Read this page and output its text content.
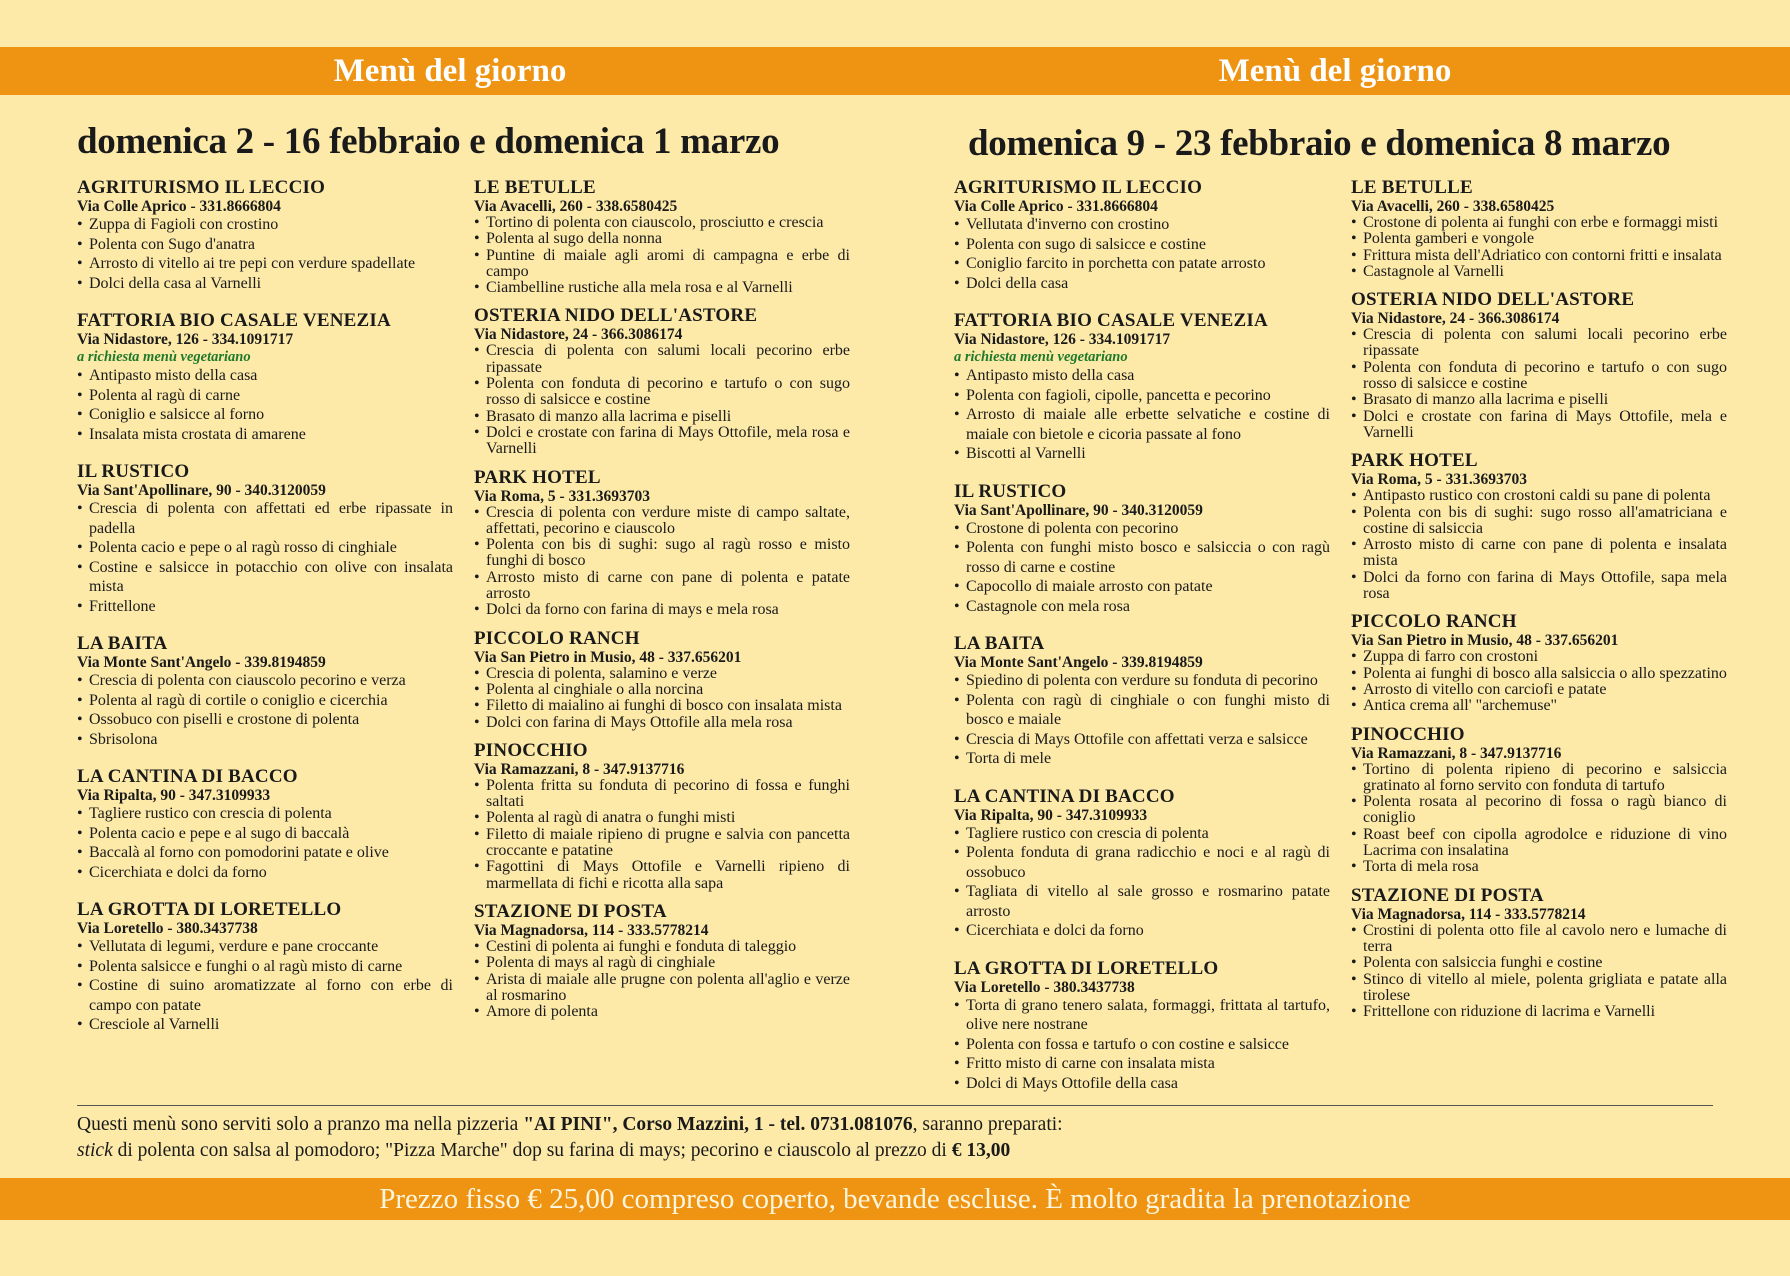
Menù del giorno	Menù del giorno
domenica 2 - 16 febbraio e domenica 1 marzo	domenica 9 - 23 febbraio e domenica 8 marzo
AGRITURISMO IL LECCIO
Via Colle Aprico - 331.8666804
• Zuppa di Fagioli con crostino
• Polenta con Sugo d'anatra
• Arrosto di vitello ai tre pepi con verdure spadellate
• Dolci della casa al Varnelli
FATTORIA BIO CASALE VENEZIA
Via Nidastore, 126 - 334.1091717
a richiesta menù vegetariano
• Antipasto misto della casa
• Polenta al ragù di carne
• Coniglio e salsicce al forno
• Insalata mista crostata di amarene
IL RUSTICO
Via Sant'Apollinare, 90 - 340.3120059
• Crescia di polenta con affettati ed erbe ripassate in padella
• Polenta cacio e pepe o al ragù rosso di cinghiale
• Costine e salsicce in potacchio con olive con insalata mista
• Frittellone
LA BAITA
Via Monte Sant'Angelo - 339.8194859
• Crescia di polenta con ciauscolo pecorino e verza
• Polenta al ragù di cortile o coniglio e cicerchia
• Ossobuco con piselli e crostone di polenta
• Sbrisolona
LA CANTINA DI BACCO
Via Ripalta, 90 - 347.3109933
• Tagliere rustico con crescia di polenta
• Polenta cacio e pepe e al sugo di baccalà
• Baccalà al forno con pomodorini patate e olive
• Cicerchiata e dolci da forno
LA GROTTA DI LORETELLO
Via Loretello - 380.3437738
• Vellutata di legumi, verdure e pane croccante
• Polenta salsicce e funghi o al ragù misto di carne
• Costine di suino aromatizzate al forno con erbe di campo con patate
• Cresciole al Varnelli
LE BETULLE
Via Avacelli, 260 - 338.6580425
• Tortino di polenta con ciauscolo, prosciutto e crescia
• Polenta al sugo della nonna
• Puntine di maiale agli aromi di campagna e erbe di campo
• Ciambelline rustiche alla mela rosa e al Varnelli
OSTERIA NIDO DELL'ASTORE
Via Nidastore, 24 - 366.3086174
• Crescia di polenta con salumi locali pecorino erbe ripassate
• Polenta con fonduta di pecorino e tartufo o con sugo rosso di salsicce e costine
• Brasato di manzo alla lacrima e piselli
• Dolci e crostate con farina di Mays Ottofile, mela rosa e Varnelli
PARK HOTEL
Via Roma, 5 - 331.3693703
• Crescia di polenta con verdure miste di campo saltate, affettati, pecorino e ciauscolo
• Polenta con bis di sughi: sugo al ragù rosso e misto funghi di bosco
• Arrosto misto di carne con pane di polenta e patate arrosto
• Dolci da forno con farina di mays e mela rosa
PICCOLO RANCH
Via San Pietro in Musio, 48 - 337.656201
• Crescia di polenta, salamino e verze
• Polenta al cinghiale o alla norcina
• Filetto di maialino ai funghi di bosco con insalata mista
• Dolci con farina di Mays Ottofile alla mela rosa
PINOCCHIO
Via Ramazzani, 8 - 347.9137716
• Polenta fritta su fonduta di pecorino di fossa e funghi saltati
• Polenta al ragù di anatra o funghi misti
• Filetto di maiale ripieno di prugne e salvia con pancetta croccante e patatine
• Fagottini di Mays Ottofile e Varnelli ripieno di marmellata di fichi e ricotta alla sapa
STAZIONE DI POSTA
Via Magnadorsa, 114 - 333.5778214
• Cestini di polenta ai funghi e fonduta di taleggio
• Polenta di mays al ragù di cinghiale
• Arista di maiale alle prugne con polenta all'aglio e verze al rosmarino
• Amore di polenta
AGRITURISMO IL LECCIO
Via Colle Aprico - 331.8666804
• Vellutata d'inverno con crostino
• Polenta con sugo di salsicce e costine
• Coniglio farcito in porchetta con patate arrosto
• Dolci della casa
FATTORIA BIO CASALE VENEZIA
Via Nidastore, 126 - 334.1091717
a richiesta menù vegetariano
• Antipasto misto della casa
• Polenta con fagioli, cipolle, pancetta e pecorino
• Arrosto di maiale alle erbette selvatiche e costine di maiale con bietole e cicoria passate al fono
• Biscotti al Varnelli
IL RUSTICO
Via Sant'Apollinare, 90 - 340.3120059
• Crostone di polenta con pecorino
• Polenta con funghi misto bosco e salsiccia o con ragù rosso di carne e costine
• Capocollo di maiale arrosto con patate
• Castagnole con mela rosa
LA BAITA
Via Monte Sant'Angelo - 339.8194859
• Spiedino di polenta con verdure su fonduta di pecorino
• Polenta con ragù di cinghiale o con funghi misto di bosco e maiale
• Crescia di Mays Ottofile con affettati verza e salsicce
• Torta di mele
LA CANTINA DI BACCO
Via Ripalta, 90 - 347.3109933
• Tagliere rustico con crescia di polenta
• Polenta fonduta di grana radicchio e noci e al ragù di ossobuco
• Tagliata di vitello al sale grosso e rosmarino patate arrosto
• Cicerchiata e dolci da forno
LA GROTTA DI LORETELLO
Via Loretello - 380.3437738
• Torta di grano tenero salata, formaggi, frittata al tartufo, olive nere nostrane
• Polenta con fossa e tartufo o con costine e salsicce
• Fritto misto di carne con insalata mista
• Dolci di Mays Ottofile della casa
LE BETULLE
Via Avacelli, 260 - 338.6580425
• Crostone di polenta ai funghi con erbe e formaggi misti
• Polenta gamberi e vongole
• Frittura mista dell'Adriatico con contorni fritti e insalata
• Castagnole al Varnelli
OSTERIA NIDO DELL'ASTORE
Via Nidastore, 24 - 366.3086174
• Crescia di polenta con salumi locali pecorino erbe ripassate
• Polenta con fonduta di pecorino e tartufo o con sugo rosso di salsicce e costine
• Brasato di manzo alla lacrima e piselli
• Dolci e crostate con farina di Mays Ottofile, mela e Varnelli
PARK HOTEL
Via Roma, 5 - 331.3693703
• Antipasto rustico con crostoni caldi su pane di polenta
• Polenta con bis di sughi: sugo rosso all'amatriciana e costine di salsiccia
• Arrosto misto di carne con pane di polenta e insalata mista
• Dolci da forno con farina di Mays Ottofile, sapa mela rosa
PICCOLO RANCH
Via San Pietro in Musio, 48 - 337.656201
• Zuppa di farro con crostoni
• Polenta ai funghi di bosco alla salsiccia o allo spezzatino
• Arrosto di vitello con carciofi e patate
• Antica crema all' "archemuse"
PINOCCHIO
Via Ramazzani, 8 - 347.9137716
• Tortino di polenta ripieno di pecorino e salsiccia gratinato al forno servito con fonduta di tartufo
• Polenta rosata al pecorino di fossa o ragù bianco di coniglio
• Roast beef con cipolla agrodolce e riduzione di vino Lacrima con insalatina
• Torta di mela rosa
STAZIONE DI POSTA
Via Magnadorsa, 114 - 333.5778214
• Crostini di polenta otto file al cavolo nero e lumache di terra
• Polenta con salsiccia funghi e costine
• Stinco di vitello al miele, polenta grigliata e patate alla tirolese
• Frittellone con riduzione di lacrima e Varnelli
Questi menù sono serviti solo a pranzo ma nella pizzeria "AI PINI", Corso Mazzini, 1 - tel. 0731.081076, saranno preparati:
stick di polenta con salsa al pomodoro; "Pizza Marche" dop su farina di mays; pecorino e ciauscolo al prezzo di € 13,00
Prezzo fisso € 25,00 compreso coperto, bevande escluse. È molto gradita la prenotazione
